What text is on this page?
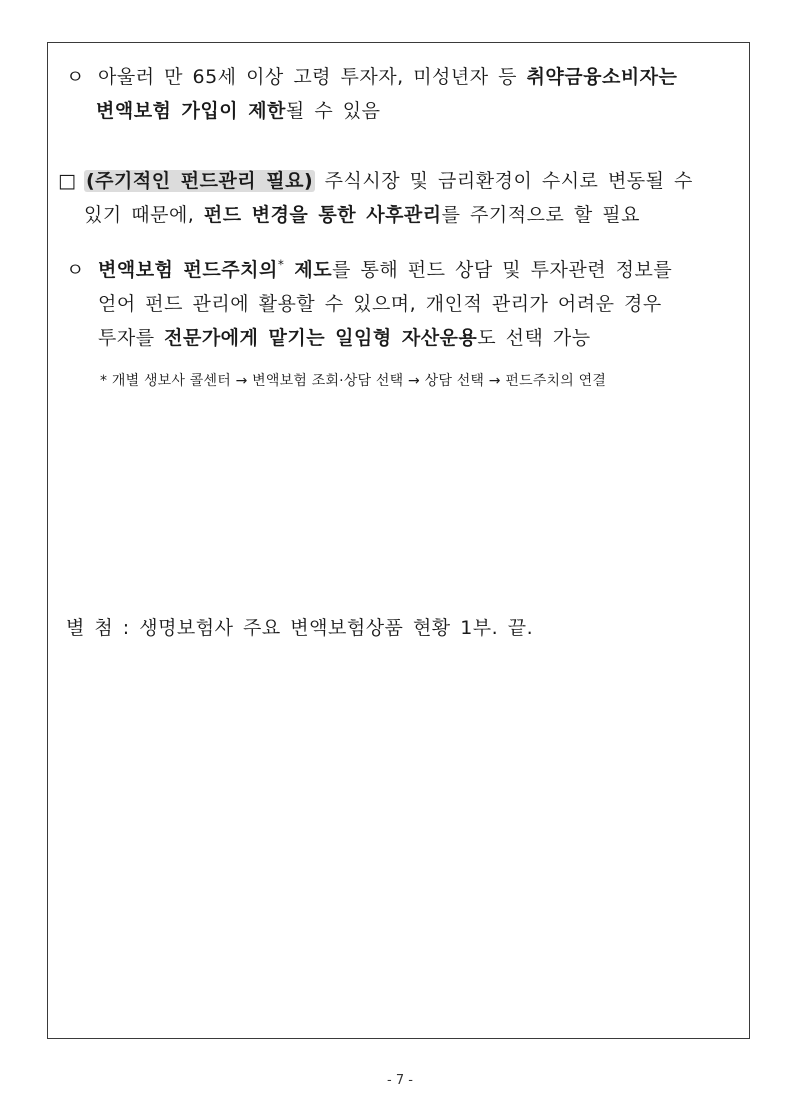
ㅇ 아울러 만 65세 이상 고령 투자자, 미성년자 등 취약금융소비자는
변액보험 가입이 제한될 수 있음
□ (주기적인 펀드관리 필요) 주식시장 및 금리환경이 수시로 변동될 수
있기 때문에, 펀드 변경을 통한 사후관리를 주기적으로 할 필요
ㅇ 변액보험 펀드주치의* 제도를 통해 펀드 상담 및 투자관련 정보를
얻어 펀드 관리에 활용할 수 있으며, 개인적 관리가 어려운 경우
투자를 전문가에게 맡기는 일임형 자산운용도 선택 가능
* 개별 생보사 콜센터 → 변액보험 조회·상담 선택 → 상담 선택 → 펀드주치의 연결
별 첨 : 생명보험사 주요 변액보험상품 현황 1부. 끝.
- 7 -
